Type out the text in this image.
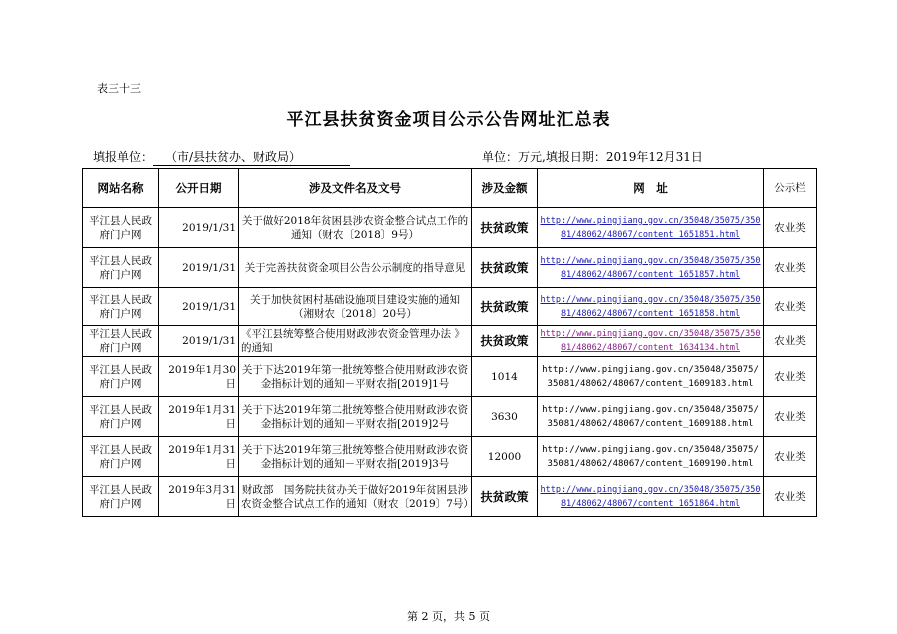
表三十三
平江县扶贫资金项目公示公告网址汇总表
填报单位： （市/县扶贫办、财政局）	单位：万元,填报日期：2019年12月31日
网站名称	公开日期	涉及文件名及文号	涉及金额	网　址	公示栏
平江县人民政府门户网	2019/1/31	关于做好2018年贫困县涉农资金整合试点工作的通知（财农〔2018〕9号）	扶贫政策	http://www.pingjiang.gov.cn/35048/35075/35081/48062/48067/content_1651851.html	农业类
平江县人民政府门户网	2019/1/31	关于完善扶贫资金项目公告公示制度的指导意见	扶贫政策	http://www.pingjiang.gov.cn/35048/35075/35081/48062/48067/content_1651857.html	农业类
平江县人民政府门户网	2019/1/31	关于加快贫困村基础设施项目建设实施的通知（湘财农〔2018〕20号）	扶贫政策	http://www.pingjiang.gov.cn/35048/35075/35081/48062/48067/content_1651858.html	农业类
平江县人民政府门户网	2019/1/31	《平江县统筹整合使用财政涉农资金管理办法 》的通知	扶贫政策	http://www.pingjiang.gov.cn/35048/35075/35081/48062/48067/content_1634134.html	农业类
平江县人民政府门户网	2019年1月30日	关于下达2019年第一批统筹整合使用财政涉农资金指标计划的通知－平财农指[2019]1号	1014	http://www.pingjiang.gov.cn/35048/35075/35081/48062/48067/content_1609183.html	农业类
平江县人民政府门户网	2019年1月31日	关于下达2019年第二批统筹整合使用财政涉农资金指标计划的通知－平财农指[2019]2号	3630	http://www.pingjiang.gov.cn/35048/35075/35081/48062/48067/content_1609188.html	农业类
平江县人民政府门户网	2019年1月31日	关于下达2019年第三批统筹整合使用财政涉农资金指标计划的通知－平财农指[2019]3号	12000	http://www.pingjiang.gov.cn/35048/35075/35081/48062/48067/content_1609190.html	农业类
平江县人民政府门户网	2019年3月31日	财政部　国务院扶贫办关于做好2019年贫困县涉农资金整合试点工作的通知（财农〔2019〕7号）	扶贫政策	http://www.pingjiang.gov.cn/35048/35075/35081/48062/48067/content_1651864.html	农业类
第 2 页，共 5 页
